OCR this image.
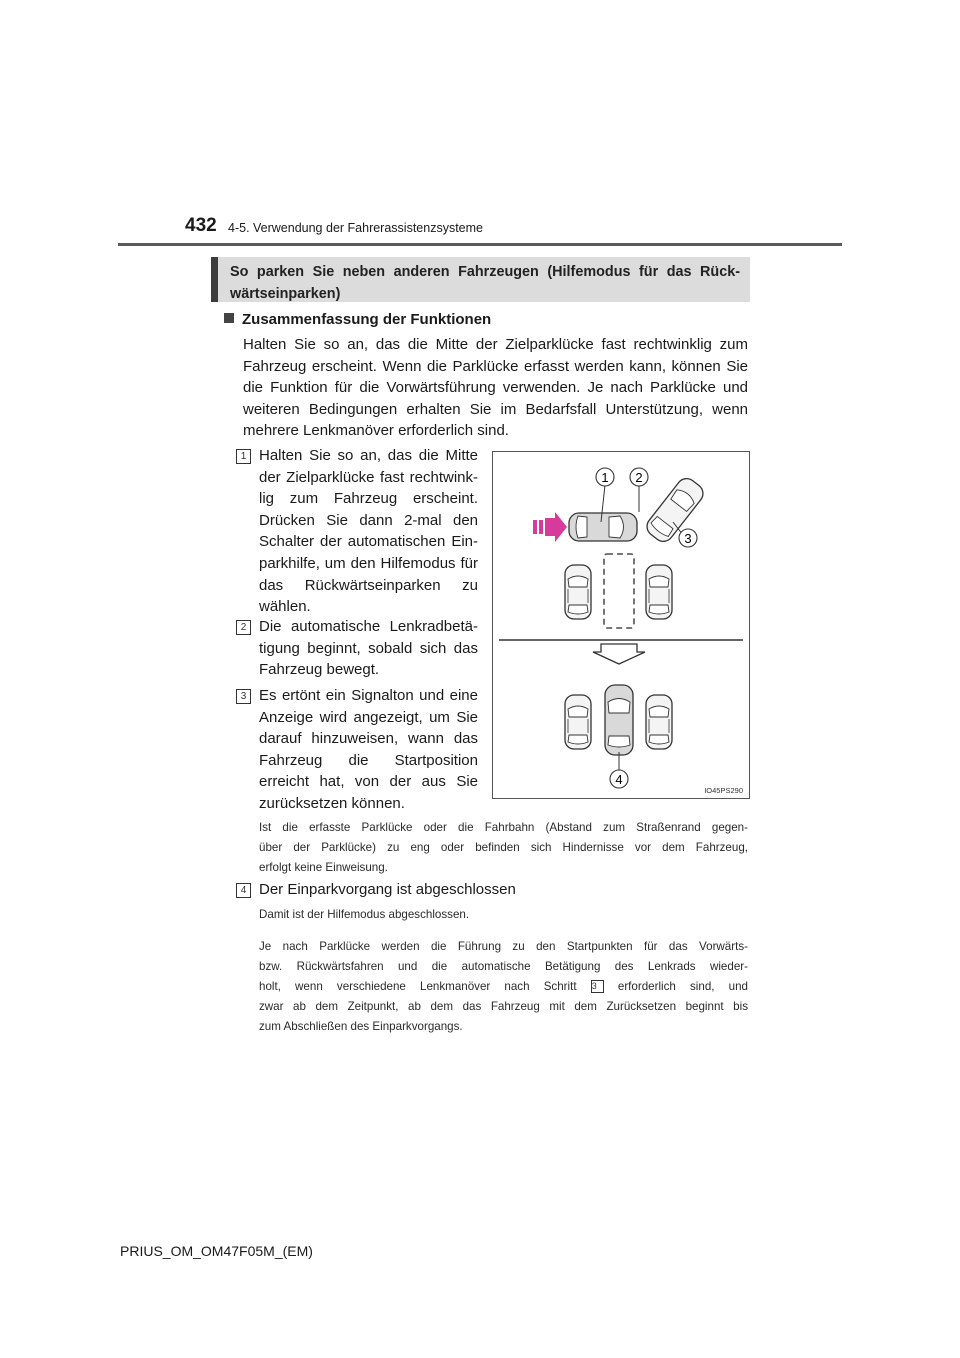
432 4-5. Verwendung der Fahrerassistenzsysteme
So parken Sie neben anderen Fahrzeugen (Hilfemodus für das Rück-
wärtseinparken)
Zusammenfassung der Funktionen
Halten Sie so an, das die Mitte der Zielparklücke fast rechtwinklig zum
Fahrzeug erscheint. Wenn die Parklücke erfasst werden kann, können Sie
die Funktion für die Vorwärtsführung verwenden. Je nach Parklücke und
weiteren Bedingungen erhalten Sie im Bedarfsfall Unterstützung, wenn
mehrere Lenkmanöver erforderlich sind.
1 Halten Sie so an, das die Mitte
der Zielparklücke fast rechtwink-
lig zum Fahrzeug erscheint.
Drücken Sie dann 2-mal den
Schalter der automatischen Ein-
parkhilfe, um den Hilfemodus für
das Rückwärtseinparken zu
wählen.
2 Die automatische Lenkradbetä-
tigung beginnt, sobald sich das
Fahrzeug bewegt.
3 Es ertönt ein Signalton und eine
Anzeige wird angezeigt, um Sie
darauf hinzuweisen, wann das
Fahrzeug die Startposition
erreicht hat, von der aus Sie
zurücksetzen können.
Ist die erfasste Parklücke oder die Fahrbahn (Abstand zum Straßenrand gegen-
über der Parklücke) zu eng oder befinden sich Hindernisse vor dem Fahrzeug,
erfolgt keine Einweisung.
4 Der Einparkvorgang ist abgeschlossen
Damit ist der Hilfemodus abgeschlossen.
Je nach Parklücke werden die Führung zu den Startpunkten für das Vorwärts-
bzw. Rückwärtsfahren und die automatische Betätigung des Lenkrads wieder-
holt, wenn verschiedene Lenkmanöver nach Schritt 3 erforderlich sind, und
zwar ab dem Zeitpunkt, ab dem das Fahrzeug mit dem Zurücksetzen beginnt bis
zum Abschließen des Einparkvorgangs.
1 2
3
4
IO45PS290
PRIUS_OM_OM47F05M_(EM)
